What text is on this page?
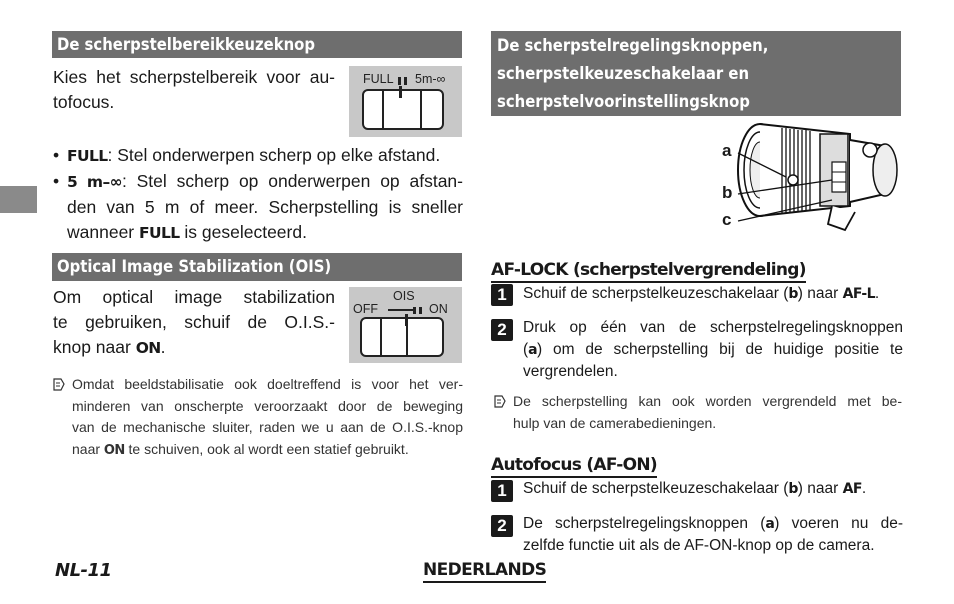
De scherpstelbereikkeuzeknop
Kies het scherpstelbereik voor au-
tofocus.
FULL 5m-∞
• FULL: Stel onderwerpen scherp op elke afstand.
• 5 m–∞: Stel scherp op onderwerpen op afstan-
den van 5 m of meer. Scherpstelling is sneller
wanneer FULL is geselecteerd.
Optical Image Stabilization (OIS)
Om optical image stabilization
te gebruiken, schuif de O.I.S.-
knop naar ON.
OIS
OFF	ON
Omdat beeldstabilisatie ook doeltreffend is voor het ver-
minderen van onscherpte veroorzaakt door de beweging
van de mechanische sluiter, raden we u aan de O.I.S.-knop
naar ON te schuiven, ook al wordt een statief gebruikt.
De scherpstelregelingsknoppen,
scherpstelkeuzeschakelaar en
scherpstelvoorinstellingsknop
a
b
c
AF-LOCK (scherpstelvergrendeling)
1	Schuif de scherpstelkeuzeschakelaar (b) naar AF-L.
2	Druk op één van de scherpstelregelingsknoppen
(a) om de scherpstelling bij de huidige positie te
vergrendelen.
De scherpstelling kan ook worden vergrendeld met be-
hulp van de camerabedieningen.
Autofocus (AF-ON)
1	Schuif de scherpstelkeuzeschakelaar (b) naar AF.
2	De scherpstelregelingsknoppen (a) voeren nu de-
zelfde functie uit als de AF-ON-knop op de camera.
NL-11	NEDERLANDS
